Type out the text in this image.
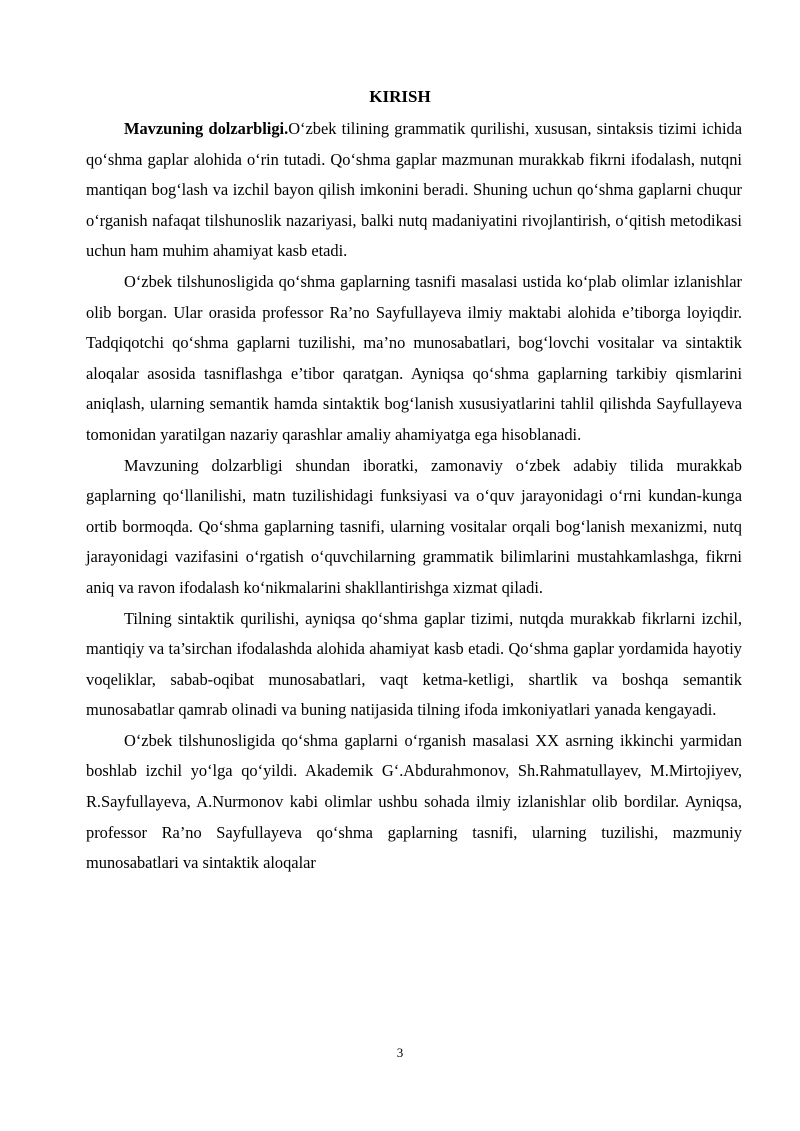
KIRISH

Mavzuning dolzarbligi.O‘zbek tilining grammatik qurilishi, xususan, sintaksis tizimi ichida qo‘shma gaplar alohida o‘rin tutadi. Qo‘shma gaplar mazmunan murakkab fikrni ifodalash, nutqni mantiqan bog‘lash va izchil bayon qilish imkonini beradi. Shuning uchun qo‘shma gaplarni chuqur o‘rganish nafaqat tilshunoslik nazariyasi, balki nutq madaniyatini rivojlantirish, o‘qitish metodikasi uchun ham muhim ahamiyat kasb etadi.

O‘zbek tilshunosligida qo‘shma gaplarning tasnifi masalasi ustida ko‘plab olimlar izlanishlar olib borgan. Ular orasida professor Ra’no Sayfullayeva ilmiy maktabi alohida e’tiborga loyiqdir. Tadqiqotchi qo‘shma gaplarni tuzilishi, ma’no munosabatlari, bog‘lovchi vositalar va sintaktik aloqalar asosida tasniflashga e’tibor qaratgan. Ayniqsa qo‘shma gaplarning tarkibiy qismlarini aniqlash, ularning semantik hamda sintaktik bog‘lanish xususiyatlarini tahlil qilishda Sayfullayeva tomonidan yaratilgan nazariy qarashlar amaliy ahamiyatga ega hisoblanadi.

Mavzuning dolzarbligi shundan iboratki, zamonaviy o‘zbek adabiy tilida murakkab gaplarning qo‘llanilishi, matn tuzilishidagi funksiyasi va o‘quv jarayonidagi o‘rni kundan-kunga ortib bormoqda. Qo‘shma gaplarning tasnifi, ularning vositalar orqali bog‘lanish mexanizmi, nutq jarayonidagi vazifasini o‘rgatish o‘quvchilarning grammatik bilimlarini mustahkamlashga, fikrni aniq va ravon ifodalash ko‘nikmalarini shakllantirishga xizmat qiladi.

Tilning sintaktik qurilishi, ayniqsa qo‘shma gaplar tizimi, nutqda murakkab fikrlarni izchil, mantiqiy va ta’sirchan ifodalashda alohida ahamiyat kasb etadi. Qo‘shma gaplar yordamida hayotiy voqeliklar, sabab-oqibat munosabatlari, vaqt ketma-ketligi, shartlik va boshqa semantik munosabatlar qamrab olinadi va buning natijasida tilning ifoda imkoniyatlari yanada kengayadi.

O‘zbek tilshunosligida qo‘shma gaplarni o‘rganish masalasi XX asrning ikkinchi yarmidan boshlab izchil yo‘lga qo‘yildi. Akademik G‘.Abdurahmonov, Sh.Rahmatullayev, M.Mirtojiyev, R.Sayfullayeva, A.Nurmonov kabi olimlar ushbu sohada ilmiy izlanishlar olib bordilar. Ayniqsa, professor Ra’no Sayfullayeva qo‘shma gaplarning tasnifi, ularning tuzilishi, mazmuniy munosabatlari va sintaktik aloqalar

3
